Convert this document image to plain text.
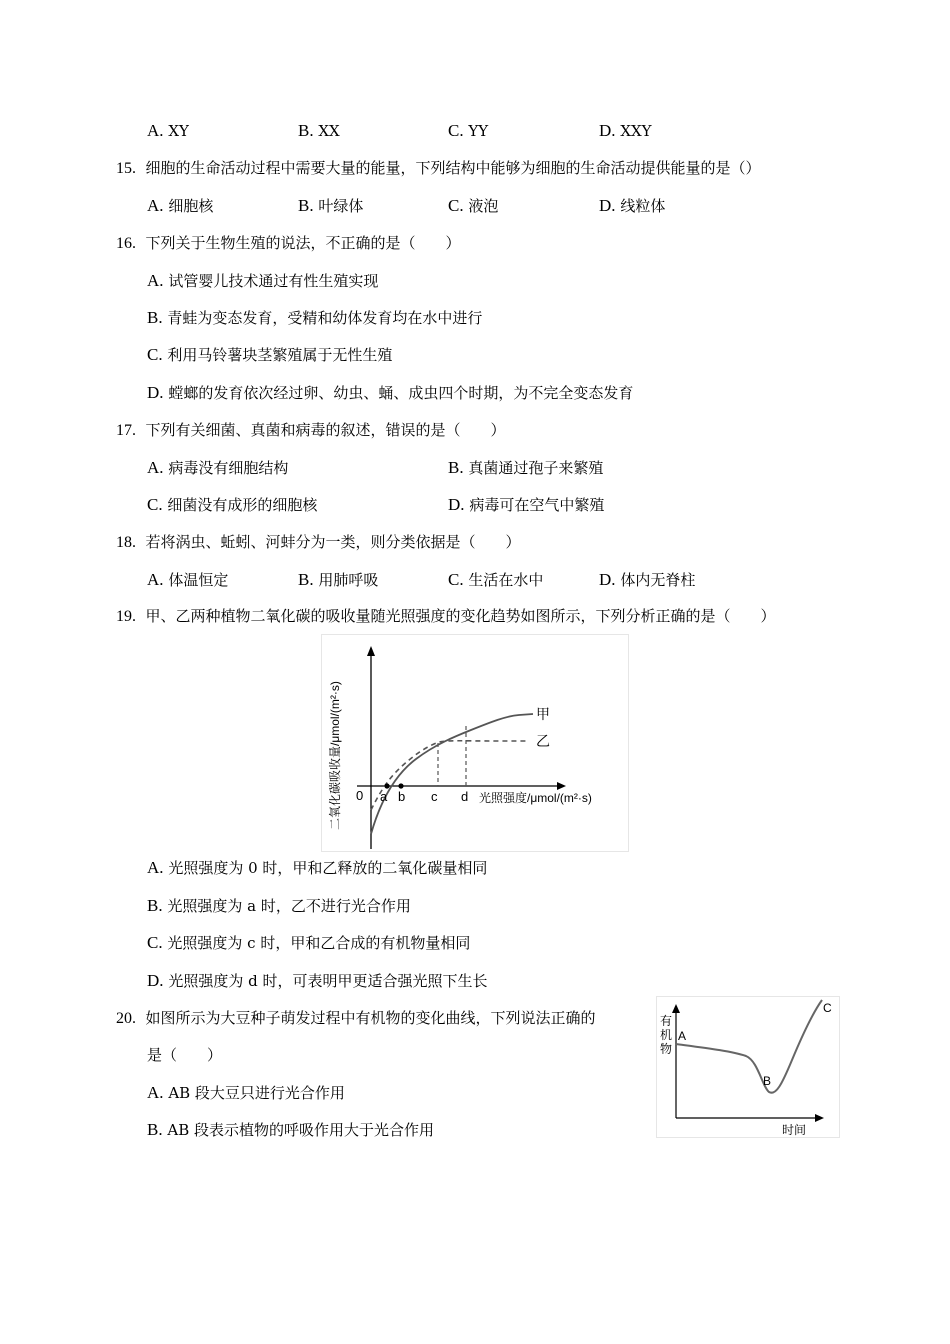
A. XY	B. XX	C. YY	D. XXY
15. 细胞的生命活动过程中需要大量的能量，下列结构中能够为细胞的生命活动提供能量的是（）
A. 细胞核	B. 叶绿体	C. 液泡	D. 线粒体
16. 下列关于生物生殖的说法，不正确的是（　　）
A. 试管婴儿技术通过有性生殖实现
B. 青蛙为变态发育，受精和幼体发育均在水中进行
C. 利用马铃薯块茎繁殖属于无性生殖
D. 螳螂的发育依次经过卵、幼虫、蛹、成虫四个时期，为不完全变态发育
17. 下列有关细菌、真菌和病毒的叙述，错误的是（　　）
A. 病毒没有细胞结构	B. 真菌通过孢子来繁殖
C. 细菌没有成形的细胞核	D. 病毒可在空气中繁殖
18. 若将涡虫、蚯蚓、河蚌分为一类，则分类依据是（　　）
A. 体温恒定	B. 用肺呼吸	C. 生活在水中	D. 体内无脊柱
19. 甲、乙两种植物二氧化碳的吸收量随光照强度的变化趋势如图所示，下列分析正确的是（　　）
0 a b c d 光照强度/μmol/(m²·s)
甲
乙
二氧化碳吸收量/μmol/(m²·s)
A. 光照强度为 0 时，甲和乙释放的二氧化碳量相同
B. 光照强度为 a 时，乙不进行光合作用
C. 光照强度为 c 时，甲和乙合成的有机物量相同
D. 光照强度为 d 时，可表明甲更适合强光照下生长
20. 如图所示为大豆种子萌发过程中有机物的变化曲线，下列说法正确的
是（　　）
A. AB 段大豆只进行光合作用
B. AB 段表示植物的呼吸作用大于光合作用
有
机
物
A
B
C
时间
